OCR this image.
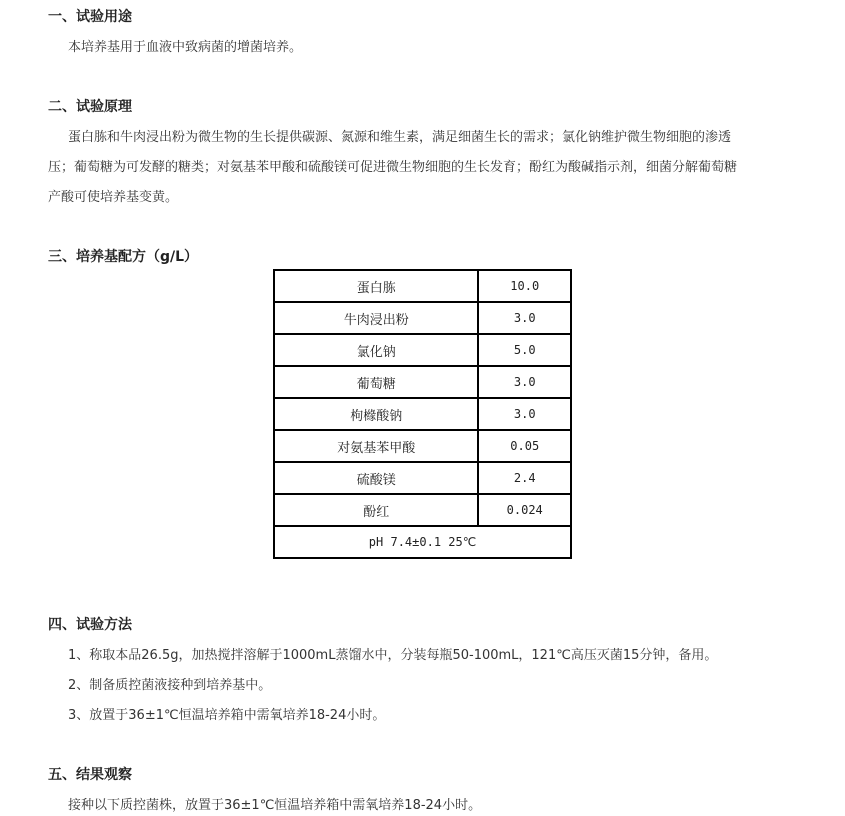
一、试验用途
本培养基用于血液中致病菌的增菌培养。
二、试验原理
蛋白胨和牛肉浸出粉为微生物的生长提供碳源、氮源和维生素，满足细菌生长的需求；氯化钠维护微生物细胞的渗透
压；葡萄糖为可发酵的糖类；对氨基苯甲酸和硫酸镁可促进微生物细胞的生长发育；酚红为酸碱指示剂，细菌分解葡萄糖
产酸可使培养基变黄。
三、培养基配方（g/L）
蛋白胨	10.0
牛肉浸出粉	3.0
氯化钠	5.0
葡萄糖	3.0
枸橼酸钠	3.0
对氨基苯甲酸	0.05
硫酸镁	2.4
酚红	0.024
pH 7.4±0.1 25℃	
四、试验方法
1、称取本品26.5g，加热搅拌溶解于1000mL蒸馏水中，分装每瓶50-100mL，121℃高压灭菌15分钟，备用。
2、制备质控菌液接种到培养基中。
3、放置于36±1℃恒温培养箱中需氧培养18-24小时。
五、结果观察
接种以下质控菌株，放置于36±1℃恒温培养箱中需氧培养18-24小时。
